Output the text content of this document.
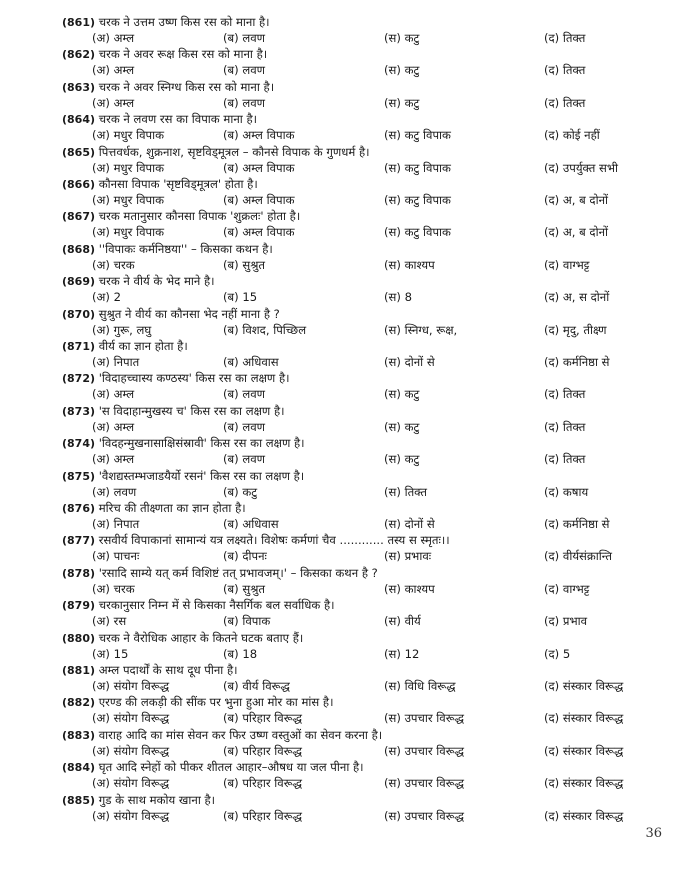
(861) चरक ने उत्तम उष्ण किस रस को माना है।
(अ) अम्ल	(ब) लवण	(स) कटु	(द) तिक्त
(862) चरक ने अवर रूक्ष किस रस को माना है।
(अ) अम्ल	(ब) लवण	(स) कटु	(द) तिक्त
(863) चरक ने अवर स्निग्ध किस रस को माना है।
(अ) अम्ल	(ब) लवण	(स) कटु	(द) तिक्त
(864) चरक ने लवण रस का विपाक माना है।
(अ) मधुर विपाक	(ब) अम्ल विपाक	(स) कटु विपाक	(द) कोई नहीं
(865) पित्तवर्धक, शुक्रनाश, सृष्टविड्मूत्रल – कौनसे विपाक के गुणधर्म है।
(अ) मधुर विपाक	(ब) अम्ल विपाक	(स) कटु विपाक	(द) उपर्युक्त सभी
(866) कौनसा विपाक 'सृष्टविड्मूत्रल' होता है।
(अ) मधुर विपाक	(ब) अम्ल विपाक	(स) कटु विपाक	(द) अ, ब दोनों
(867) चरक मतानुसार कौनसा विपाक 'शुक्रलः' होता है।
(अ) मधुर विपाक	(ब) अम्ल विपाक	(स) कटु विपाक	(द) अ, ब दोनों
(868) ''विपाकः कर्मनिष्ठया'' – किसका कथन है।
(अ) चरक	(ब) सुश्रुत	(स) काश्यप	(द) वाग्भट्ट
(869) चरक ने वीर्य के भेद माने है।
(अ) 2	(ब) 15	(स) 8	(द) अ, स दोनों
(870) सुश्रुत ने वीर्य का कौनसा भेद नहीं माना है ?
(अ) गुरू, लघु	(ब) विशद, पिच्छिल	(स) स्निग्ध, रूक्ष,	(द) मृदु, तीक्ष्ण
(871) वीर्य का ज्ञान होता है।
(अ) निपात	(ब) अधिवास	(स) दोनों से	(द) कर्मनिष्ठा से
(872) 'विदाहच्चास्य कण्ठस्य' किस रस का लक्षण है।
(अ) अम्ल	(ब) लवण	(स) कटु	(द) तिक्त
(873) 'स विदाहान्मुखस्य च' किस रस का लक्षण है।
(अ) अम्ल	(ब) लवण	(स) कटु	(द) तिक्त
(874) 'विदहन्मुखनासाक्षिसंस्रावी' किस रस का लक्षण है।
(अ) अम्ल	(ब) लवण	(स) कटु	(द) तिक्त
(875) 'वैशद्यस्तम्भजाडयैर्यो रसनं' किस रस का लक्षण है।
(अ) लवण	(ब) कटु	(स) तिक्त	(द) कषाय
(876) मरिच की तीक्ष्णता का ज्ञान होता है।
(अ) निपात	(ब) अधिवास	(स) दोनों से	(द) कर्मनिष्ठा से
(877) रसवीर्य विपाकानां सामान्यं यत्र लक्ष्यते। विशेषः कर्मणां चैव ............ तस्य स स्मृतः।।
(अ) पाचनः	(ब) दीपनः	(स) प्रभावः	(द) वीर्यसंक्रान्ति
(878) 'रसादि साम्ये यत् कर्म विशिष्टं तत् प्रभावजम्।' – किसका कथन है ?
(अ) चरक	(ब) सुश्रुत	(स) काश्यप	(द) वाग्भट्ट
(879) चरकानुसार निम्न में से किसका नैसर्गिक बल सर्वाधिक है।
(अ) रस	(ब) विपाक	(स) वीर्य	(द) प्रभाव
(880) चरक ने वैरोधिक आहार के कितने घटक बताए हैं।
(अ) 15	(ब) 18	(स) 12	(द) 5
(881) अम्ल पदार्थों के साथ दूध पीना है।
(अ) संयोग विरूद्ध	(ब) वीर्य विरूद्ध	(स) विधि विरूद्ध	(द) संस्कार विरूद्ध
(882) एरण्ड की लकड़ी की सींक पर भुना हुआ मोर का मांस है।
(अ) संयोग विरूद्ध	(ब) परिहार विरूद्ध	(स) उपचार विरूद्ध	(द) संस्कार विरूद्ध
(883) वाराह आदि का मांस सेवन कर फिर उष्ण वस्तुओं का सेवन करना है।
(अ) संयोग विरूद्ध	(ब) परिहार विरूद्ध	(स) उपचार विरूद्ध	(द) संस्कार विरूद्ध
(884) घृत आदि स्नेहों को पीकर शीतल आहार–औषध या जल पीना है।
(अ) संयोग विरूद्ध	(ब) परिहार विरूद्ध	(स) उपचार विरूद्ध	(द) संस्कार विरूद्ध
(885) गुड के साथ मकोय खाना है।
(अ) संयोग विरूद्ध	(ब) परिहार विरूद्ध	(स) उपचार विरूद्ध	(द) संस्कार विरूद्ध
36
